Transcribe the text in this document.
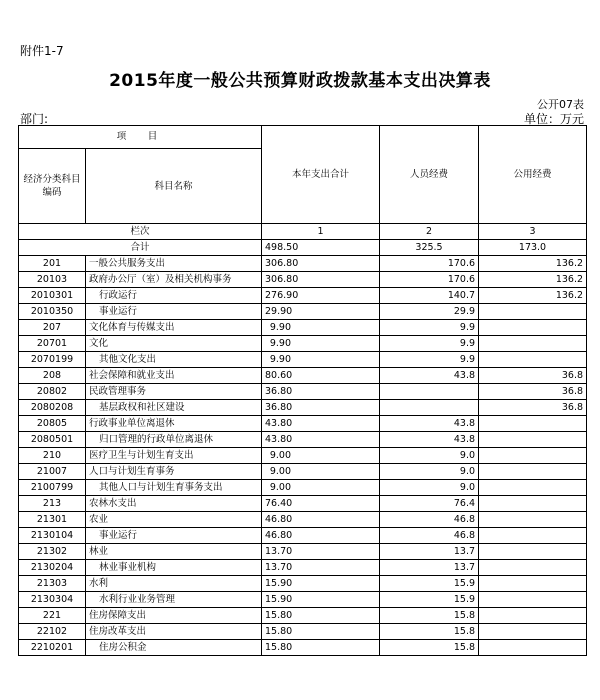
附件1-7
2015年度一般公共预算财政拨款基本支出决算表
公开07表
部门:	单位：万元
项　目		本年支出合计	人员经费	公用经费
经济分类科目编码	科目名称			
栏次		1	2	3
合计		498.50	325.5	173.0
201	一般公共服务支出	306.80	170.6	136.2
20103	政府办公厅（室）及相关机构事务	306.80	170.6	136.2
2010301	行政运行	276.90	140.7	136.2
2010350	事业运行	29.90	29.9	
207	文化体育与传媒支出	9.90	9.9	
20701	文化	9.90	9.9	
2070199	其他文化支出	9.90	9.9	
208	社会保障和就业支出	80.60	43.8	36.8
20802	民政管理事务	36.80		36.8
2080208	基层政权和社区建设	36.80		36.8
20805	行政事业单位离退休	43.80	43.8	
2080501	归口管理的行政单位离退休	43.80	43.8	
210	医疗卫生与计划生育支出	9.00	9.0	
21007	人口与计划生育事务	9.00	9.0	
2100799	其他人口与计划生育事务支出	9.00	9.0	
213	农林水支出	76.40	76.4	
21301	农业	46.80	46.8	
2130104	事业运行	46.80	46.8	
21302	林业	13.70	13.7	
2130204	林业事业机构	13.70	13.7	
21303	水利	15.90	15.9	
2130304	水利行业业务管理	15.90	15.9	
221	住房保障支出	15.80	15.8	
22102	住房改革支出	15.80	15.8	
2210201	住房公积金	15.80	15.8	
